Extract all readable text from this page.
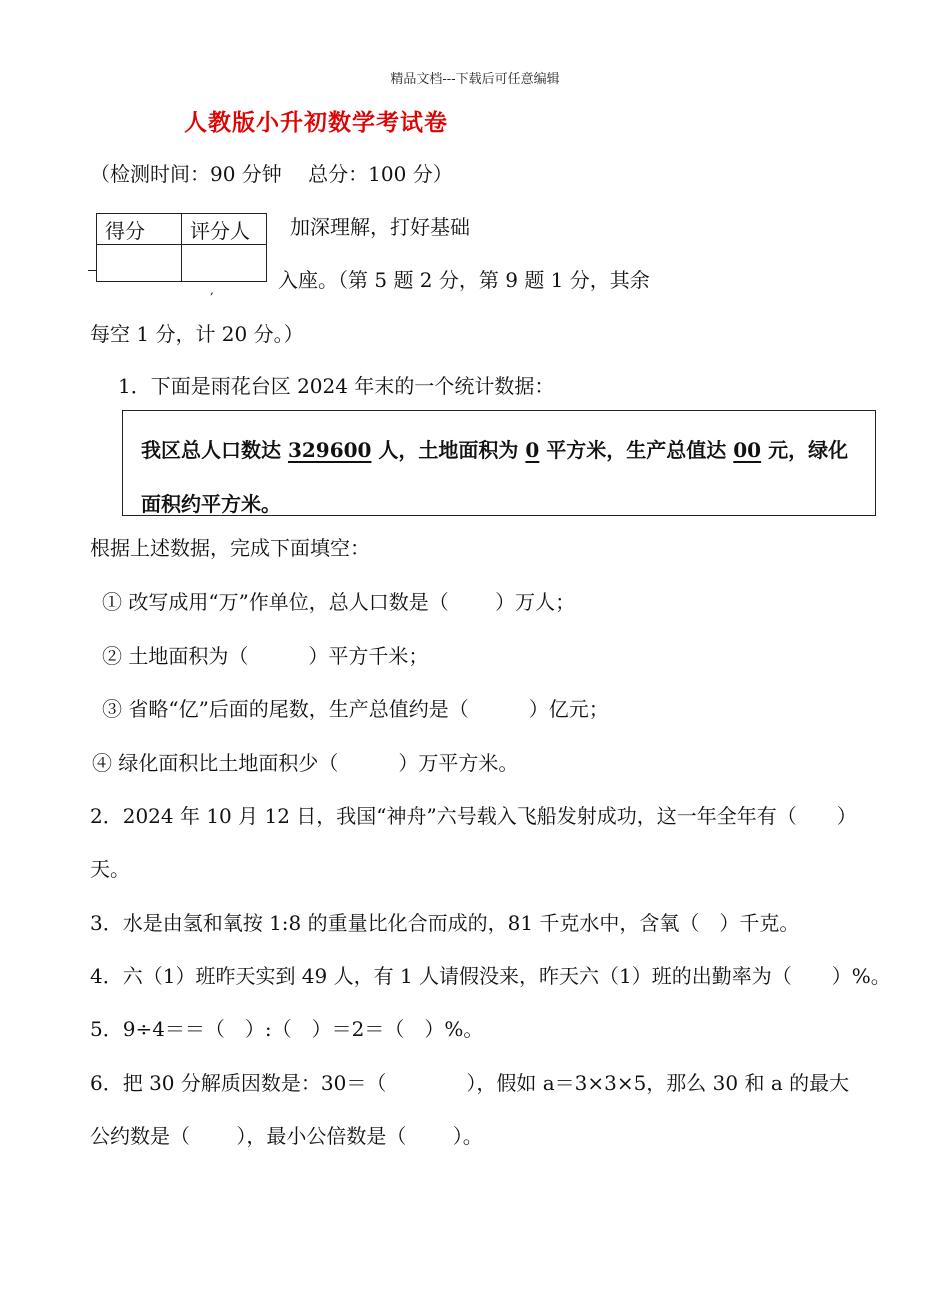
精品文档---下载后可任意编辑
人教版小升初数学考试卷
（检测时间：90 分钟　 总分：100 分）
得分	评分人
	加深理解，打好基础
,	入座。（第 5 题 2 分，第 9 题 1 分，其余
每空 1 分，计 20 分。）
1．下面是雨花台区 2024 年末的一个统计数据：
我区总人口数达 329600 人，土地面积为 0 平方米，生产总值达 00 元，绿化面积约平方米。
根据上述数据，完成下面填空：
① 改写成用“万”作单位，总人口数是（　　 ）万人；
② 土地面积为（　　　）平方千米；
③ 省略“亿”后面的尾数，生产总值约是（　　　）亿元；
④ 绿化面积比土地面积少（　　　）万平方米。
2．2024 年 10 月 12 日，我国“神舟”六号载入飞船发射成功，这一年全年有（　　）
天。
3．水是由氢和氧按 1:8 的重量比化合而成的，81 千克水中，含氧（　）千克。
4．六（1）班昨天实到 49 人，有 1 人请假没来，昨天六（1）班的出勤率为（　　）%。
5．9÷4＝＝（　）:（　）＝2＝（　）%。
6．把 30 分解质因数是：30＝（　　　　），假如 a＝3×3×5，那么 30 和 a 的最大
公约数是（　　 ），最小公倍数是（　　 ）。
